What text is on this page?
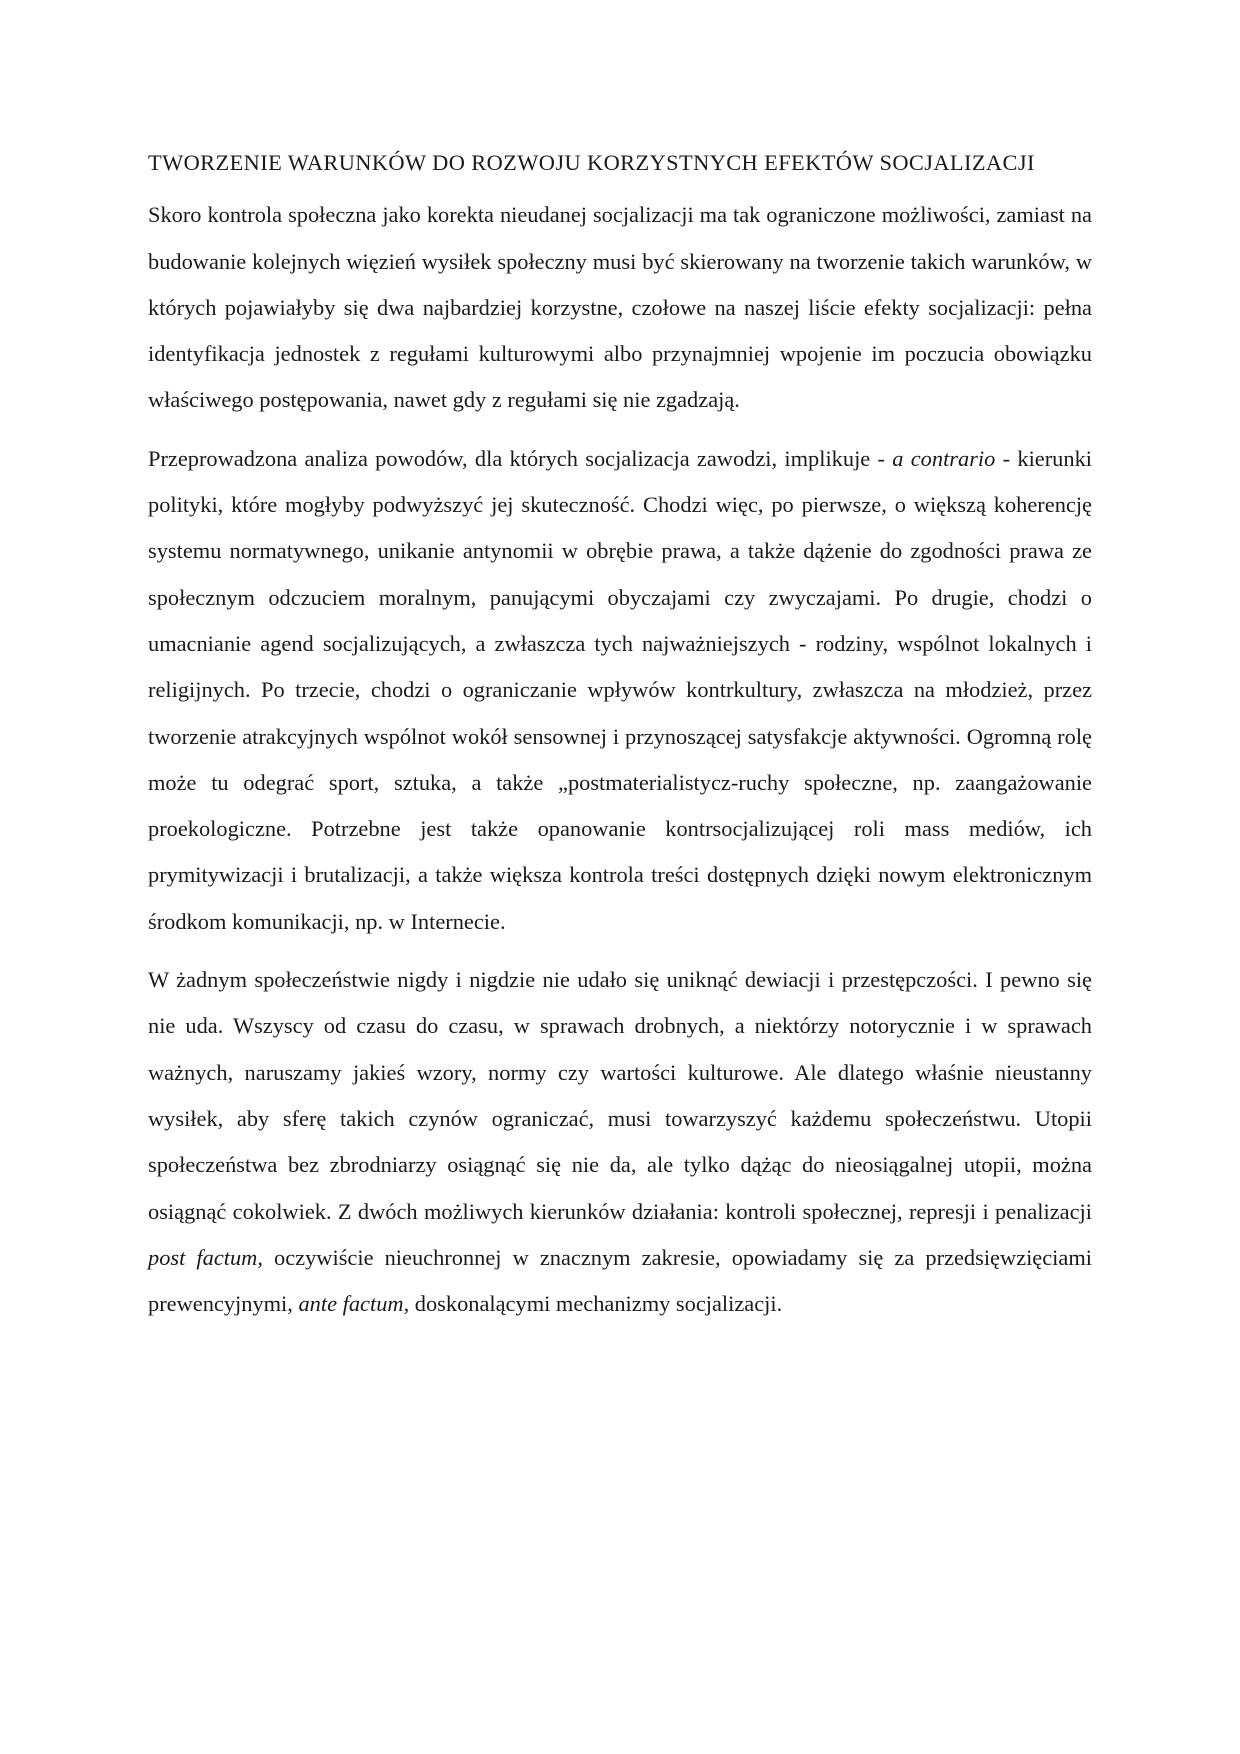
TWORZENIE WARUNKÓW DO ROZWOJU KORZYSTNYCH EFEKTÓW SOCJALIZACJI

Skoro kontrola społeczna jako korekta nieudanej socjalizacji ma tak ograniczone możliwości, zamiast na budowanie kolejnych więzień wysiłek społeczny musi być skierowany na tworzenie takich warunków, w których pojawiałyby się dwa najbardziej korzystne, czołowe na naszej liście efekty socjalizacji: pełna identyfikacja jednostek z regułami kulturowymi albo przynajmniej wpojenie im poczucia obowiązku właściwego postępowania, nawet gdy z regułami się nie zgadzają.

Przeprowadzona analiza powodów, dla których socjalizacja zawodzi, implikuje - a contrario - kierunki polityki, które mogłyby podwyższyć jej skuteczność. Chodzi więc, po pierwsze, o większą koherencję systemu normatywnego, unikanie antynomii w obrębie prawa, a także dążenie do zgodności prawa ze społecznym odczuciem moralnym, panującymi obyczajami czy zwyczajami. Po drugie, chodzi o umacnianie agend socjalizujących, a zwłaszcza tych najważniejszych - rodziny, wspólnot lokalnych i religijnych. Po trzecie, chodzi o ograniczanie wpływów kontrkultury, zwłaszcza na młodzież, przez tworzenie atrakcyjnych wspólnot wokół sensownej i przynoszącej satysfakcje aktywności. Ogromną rolę może tu odegrać sport, sztuka, a także „postmaterialistycz-ruchy społeczne, np. zaangażowanie proekologiczne. Potrzebne jest także opanowanie kontrsocjalizującej roli mass mediów, ich prymitywizacji i brutalizacji, a także większa kontrola treści dostępnych dzięki nowym elektronicznym środkom komunikacji, np. w Internecie.

W żadnym społeczeństwie nigdy i nigdzie nie udało się uniknąć dewiacji i przestępczości. I pewno się nie uda. Wszyscy od czasu do czasu, w sprawach drobnych, a niektórzy notorycznie i w sprawach ważnych, naruszamy jakieś wzory, normy czy wartości kulturowe. Ale dlatego właśnie nieustanny wysiłek, aby sferę takich czynów ograniczać, musi towarzyszyć każdemu społeczeństwu. Utopii społeczeństwa bez zbrodniarzy osiągnąć się nie da, ale tylko dążąc do nieosiągalnej utopii, można osiągnąć cokolwiek. Z dwóch możliwych kierunków działania: kontroli społecznej, represji i penalizacji post factum, oczywiście nieuchronnej w znacznym zakresie, opowiadamy się za przedsięwzięciami prewencyjnymi, ante factum, doskonalącymi mechanizmy socjalizacji.
